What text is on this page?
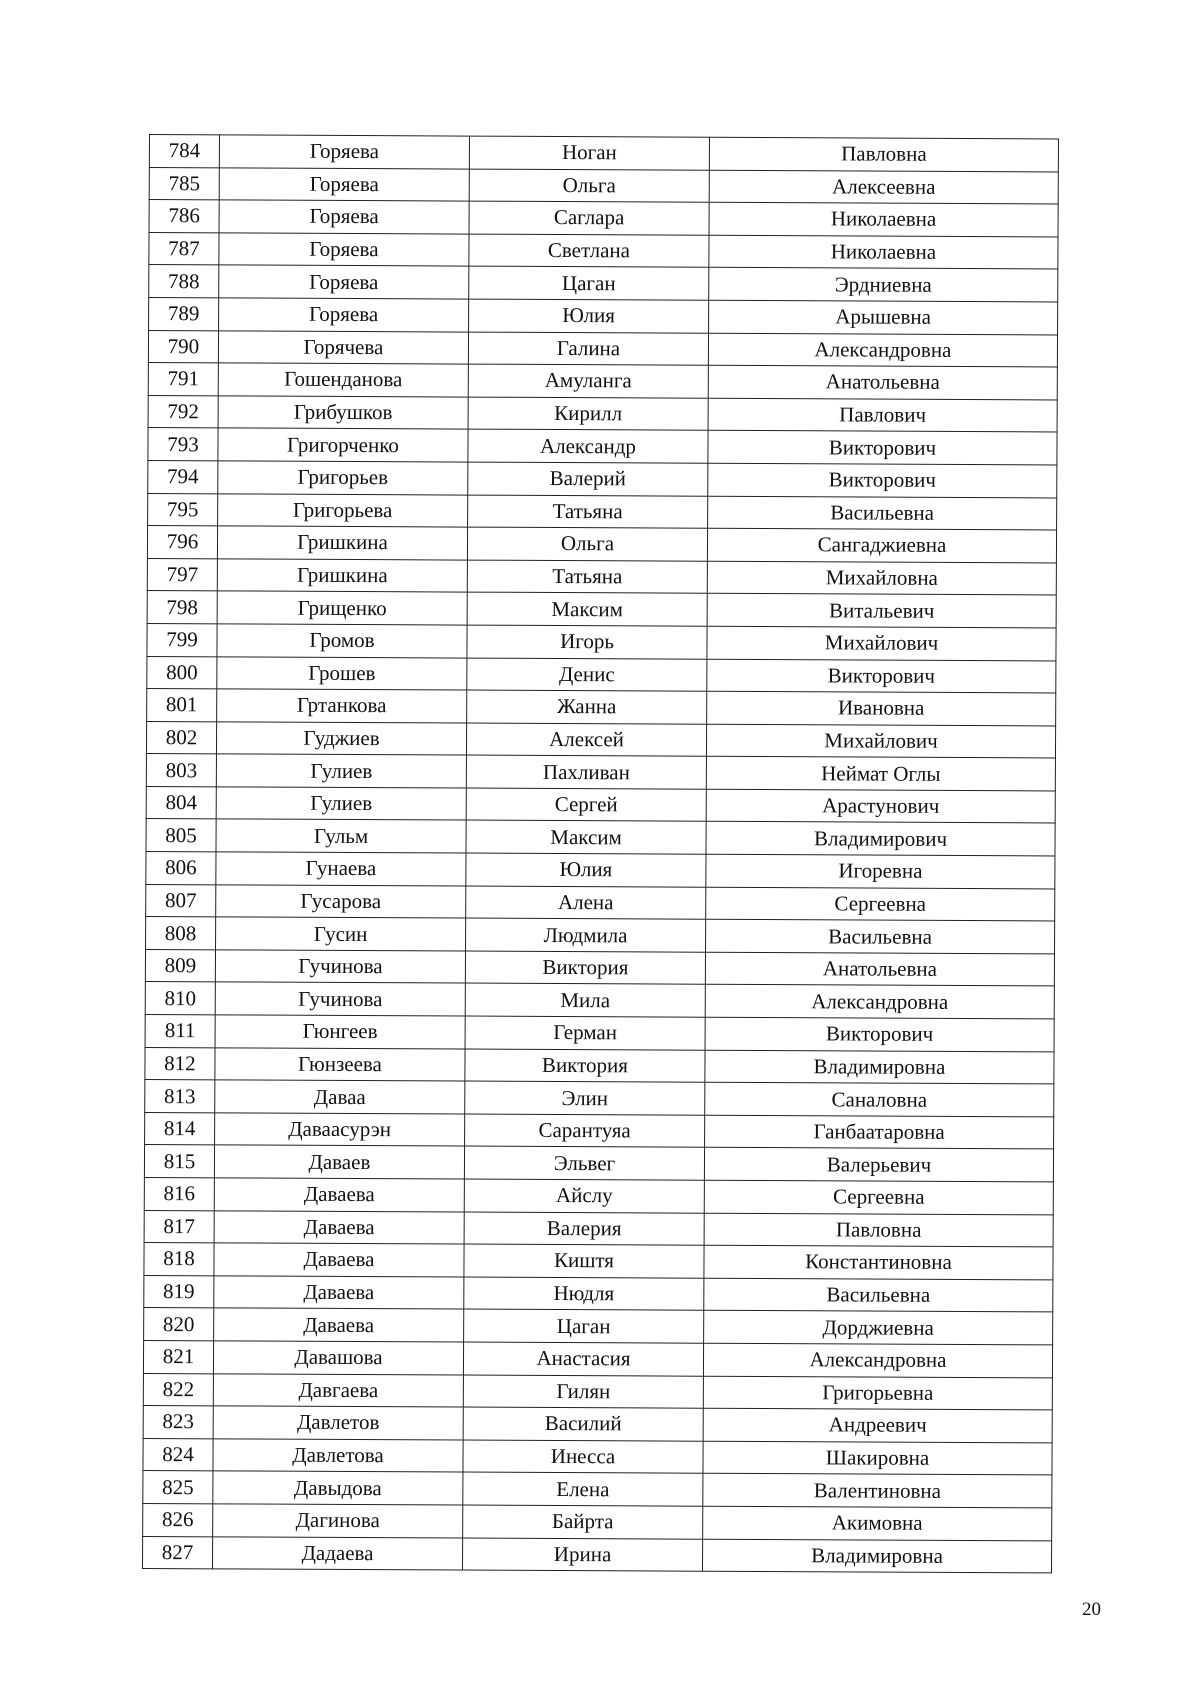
784	Горяева	Ноган	Павловна
785	Горяева	Ольга	Алексеевна
786	Горяева	Саглара	Николаевна
787	Горяева	Светлана	Николаевна
788	Горяева	Цаган	Эрдниевна
789	Горяева	Юлия	Арышевна
790	Горячева	Галина	Александровна
791	Гошенданова	Амуланга	Анатольевна
792	Грибушков	Кирилл	Павлович
793	Григорченко	Александр	Викторович
794	Григорьев	Валерий	Викторович
795	Григорьева	Татьяна	Васильевна
796	Гришкина	Ольга	Сангаджиевна
797	Гришкина	Татьяна	Михайловна
798	Грищенко	Максим	Витальевич
799	Громов	Игорь	Михайлович
800	Грошев	Денис	Викторович
801	Гртанкова	Жанна	Ивановна
802	Гуджиев	Алексей	Михайлович
803	Гулиев	Пахливан	Неймат Оглы
804	Гулиев	Сергей	Арастунович
805	Гульм	Максим	Владимирович
806	Гунаева	Юлия	Игоревна
807	Гусарова	Алена	Сергеевна
808	Гусин	Людмила	Васильевна
809	Гучинова	Виктория	Анатольевна
810	Гучинова	Мила	Александровна
811	Гюнгеев	Герман	Викторович
812	Гюнзеева	Виктория	Владимировна
813	Даваа	Элин	Саналовна
814	Даваасурэн	Сарантуяа	Ганбаатаровна
815	Даваев	Эльвег	Валерьевич
816	Даваева	Айслу	Сергеевна
817	Даваева	Валерия	Павловна
818	Даваева	Киштя	Константиновна
819	Даваева	Нюдля	Васильевна
820	Даваева	Цаган	Дорджиевна
821	Давашова	Анастасия	Александровна
822	Давгаева	Гилян	Григорьевна
823	Давлетов	Василий	Андреевич
824	Давлетова	Инесса	Шакировна
825	Давыдова	Елена	Валентиновна
826	Дагинова	Байрта	Акимовна
827	Дадаева	Ирина	Владимировна
20
